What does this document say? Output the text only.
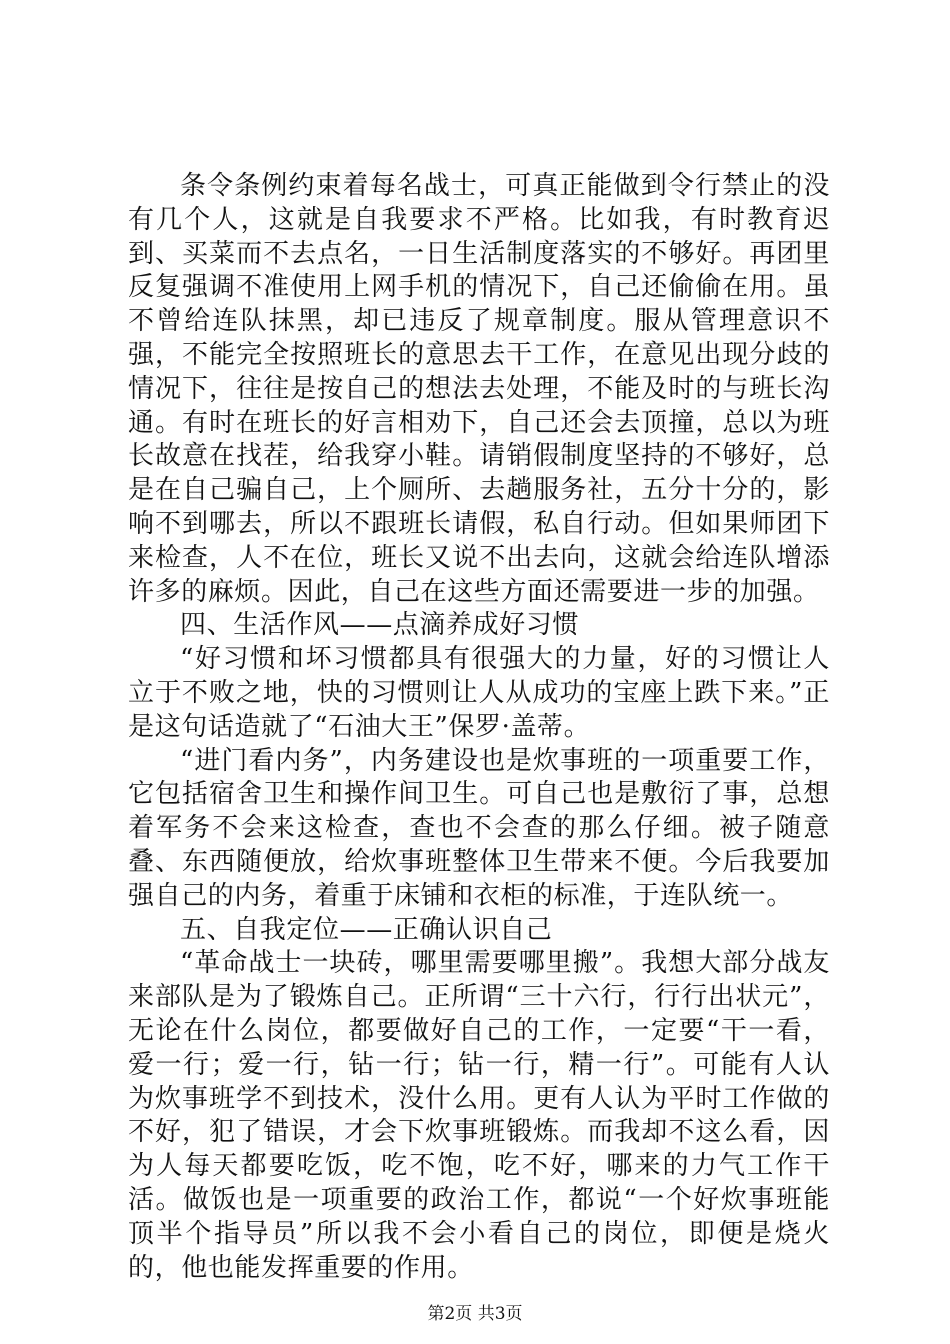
条令条例约束着每名战士，可真正能做到令行禁止的没有几个人，这就是自我要求不严格。比如我，有时教育迟到、买菜而不去点名，一日生活制度落实的不够好。再团里反复强调不准使用上网手机的情况下，自己还偷偷在用。虽不曾给连队抹黑，却已违反了规章制度。服从管理意识不强，不能完全按照班长的意思去干工作，在意见出现分歧的情况下，往往是按自己的想法去处理，不能及时的与班长沟通。有时在班长的好言相劝下，自己还会去顶撞，总以为班长故意在找茬，给我穿小鞋。请销假制度坚持的不够好，总是在自己骗自己，上个厕所、去趟服务社，五分十分的，影响不到哪去，所以不跟班长请假，私自行动。但如果师团下来检查，人不在位，班长又说不出去向，这就会给连队增添许多的麻烦。因此，自己在这些方面还需要进一步的加强。

四、生活作风——点滴养成好习惯

“好习惯和坏习惯都具有很强大的力量，好的习惯让人立于不败之地，快的习惯则让人从成功的宝座上跌下来。”正是这句话造就了“石油大王”保罗·盖蒂。

“进门看内务”，内务建设也是炊事班的一项重要工作，它包括宿舍卫生和操作间卫生。可自己也是敷衍了事，总想着军务不会来这检查，查也不会查的那么仔细。被子随意叠、东西随便放，给炊事班整体卫生带来不便。今后我要加强自己的内务，着重于床铺和衣柜的标准，于连队统一。

五、自我定位——正确认识自己

“革命战士一块砖，哪里需要哪里搬”。我想大部分战友来部队是为了锻炼自己。正所谓“三十六行，行行出状元”，无论在什么岗位，都要做好自己的工作，一定要“干一看，爱一行；爱一行，钻一行；钻一行，精一行”。可能有人认为炊事班学不到技术，没什么用。更有人认为平时工作做的不好，犯了错误，才会下炊事班锻炼。而我却不这么看，因为人每天都要吃饭，吃不饱，吃不好，哪来的力气工作干活。做饭也是一项重要的政治工作，都说“一个好炊事班能顶半个指导员”所以我不会小看自己的岗位，即便是烧火的，他也能发挥重要的作用。

第2页 共3页
